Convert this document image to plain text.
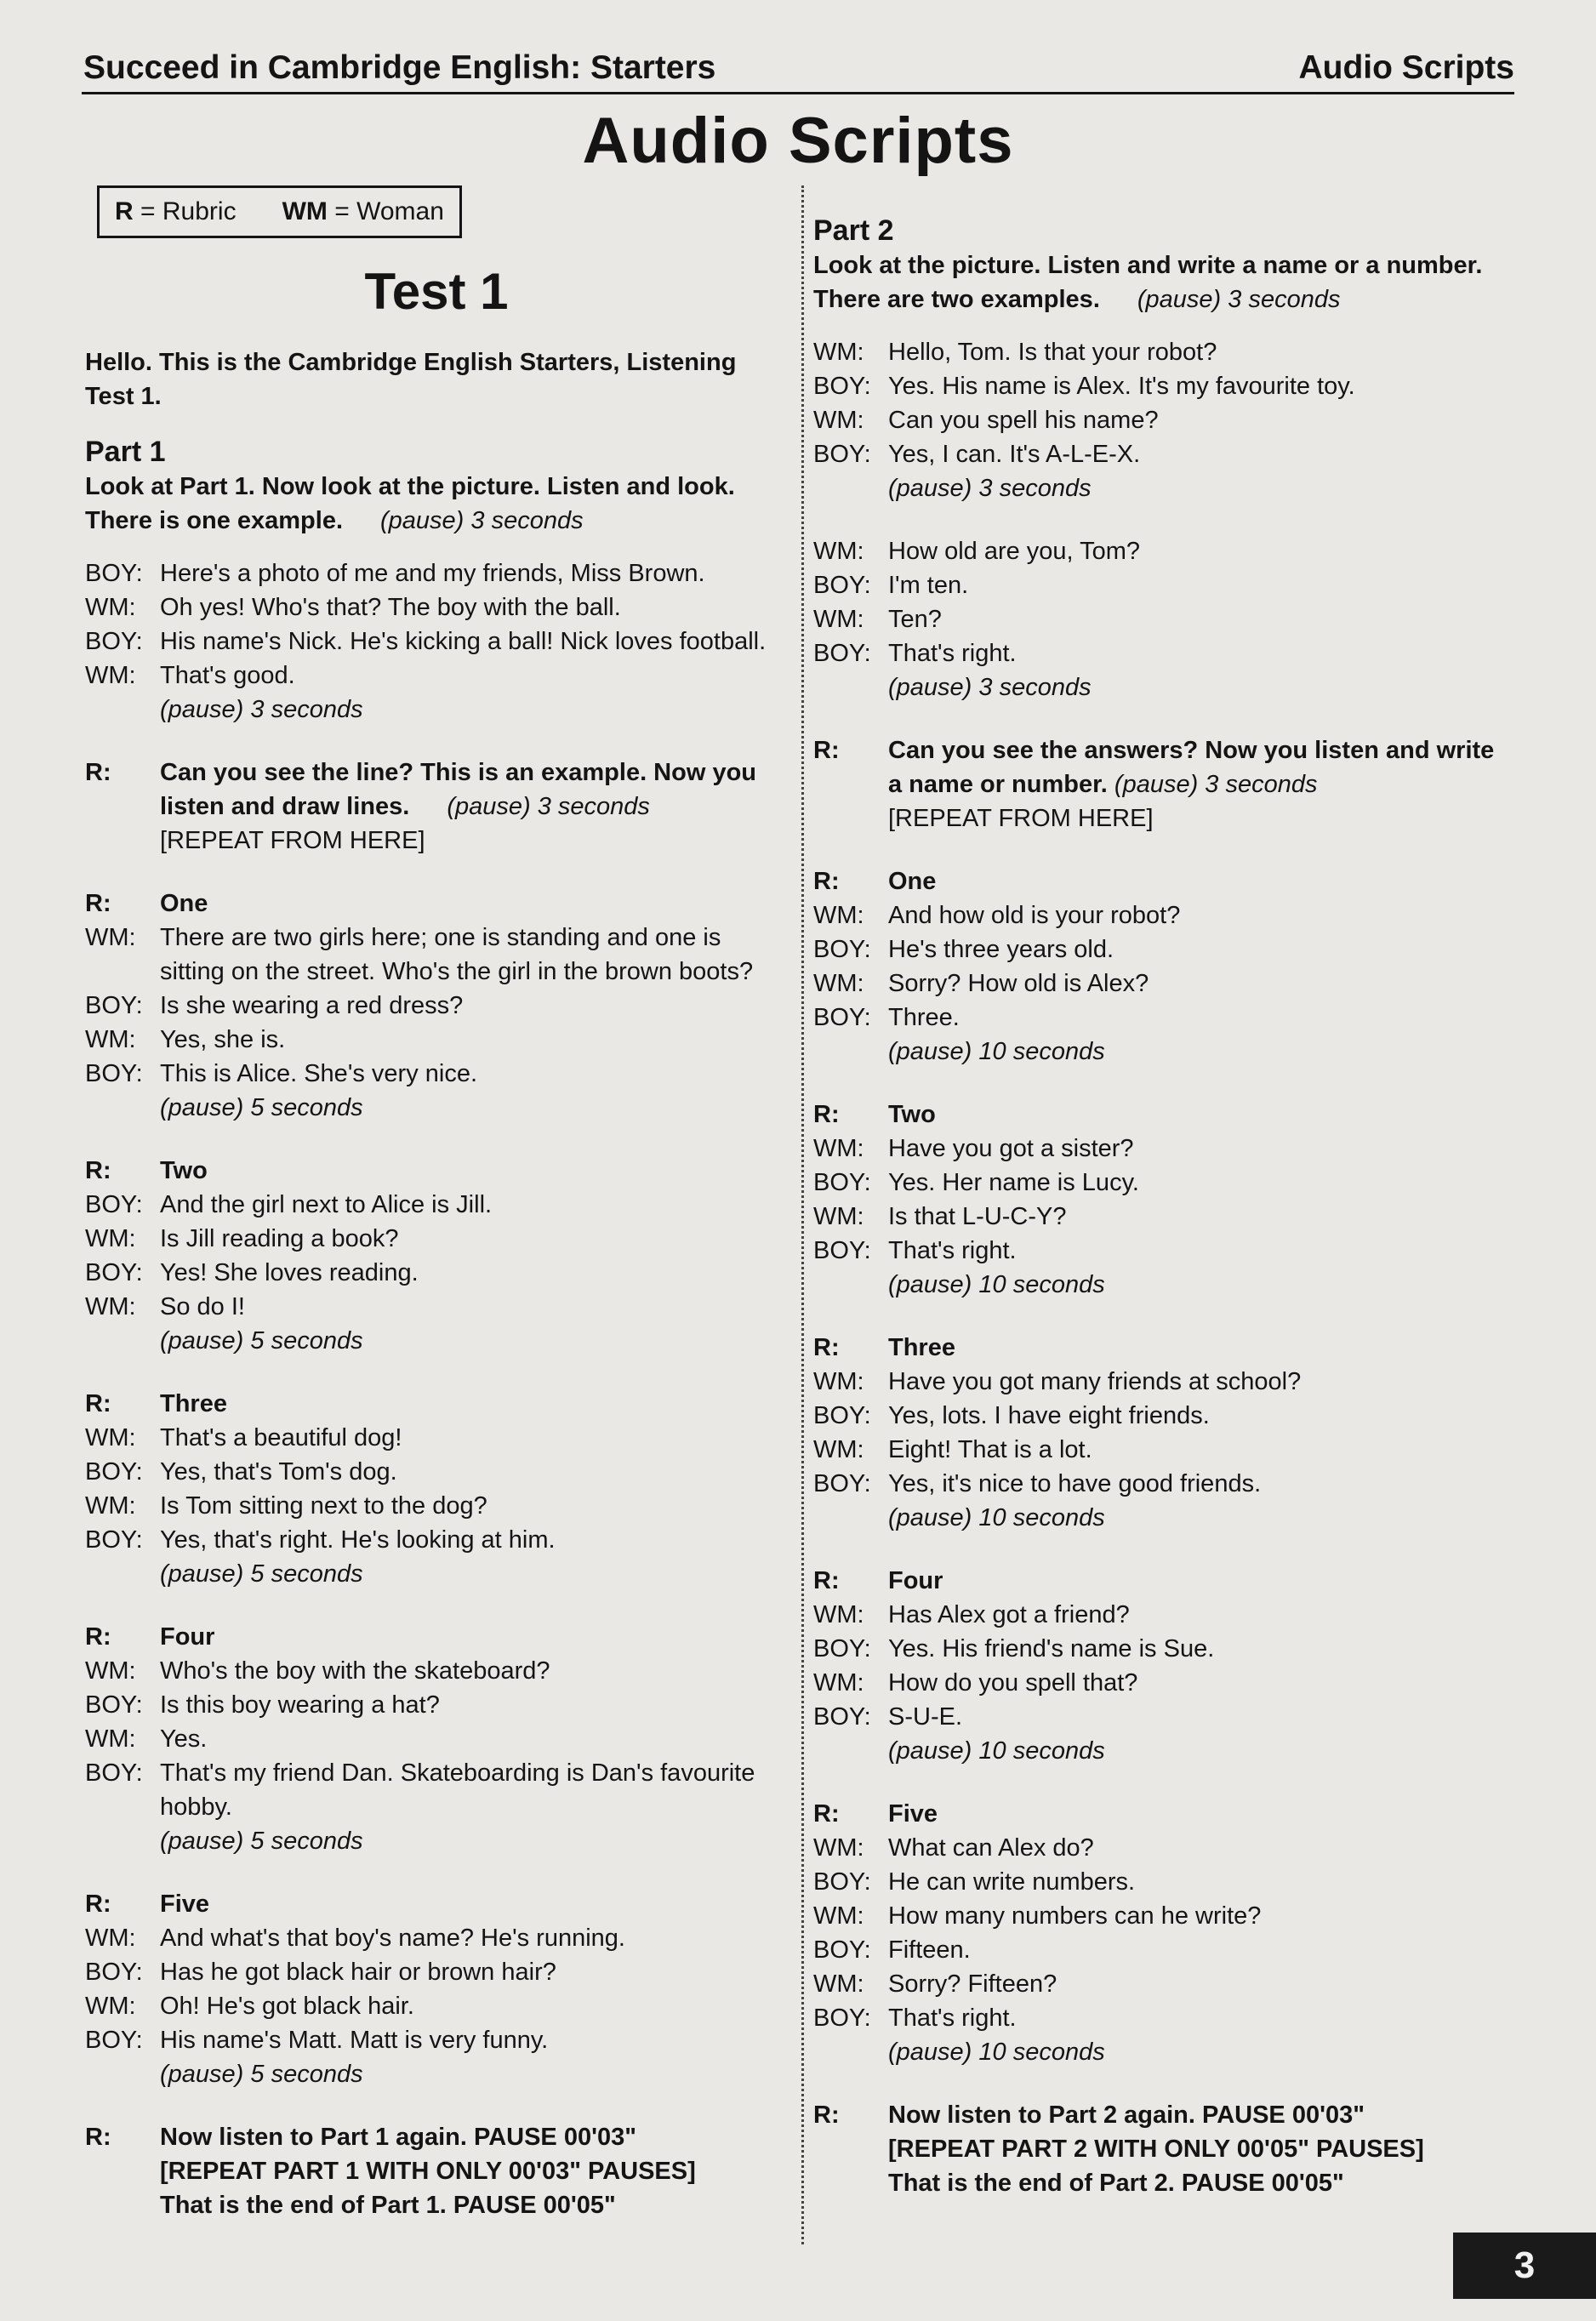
Succeed in Cambridge English: Starters	Audio Scripts
Audio Scripts
R = Rubric WM = Woman
Test 1
Hello. This is the Cambridge English Starters, Listening Test 1.
Part 1
Look at Part 1. Now look at the picture. Listen and look. There is one example. (pause) 3 seconds
BOY: Here's a photo of me and my friends, Miss Brown.
WM: Oh yes! Who's that? The boy with the ball.
BOY: His name's Nick. He's kicking a ball! Nick loves football.
WM: That's good.
(pause) 3 seconds
R:	Can you see the line? This is an example. Now you listen and draw lines. (pause) 3 seconds
[REPEAT FROM HERE]
R:	One
WM: There are two girls here; one is standing and one is sitting on the street. Who's the girl in the brown boots?
BOY: Is she wearing a red dress?
WM: Yes, she is.
BOY: This is Alice. She's very nice.
(pause) 5 seconds
R:	Two
BOY: And the girl next to Alice is Jill.
WM: Is Jill reading a book?
BOY: Yes! She loves reading.
WM: So do I!
(pause) 5 seconds
R:	Three
WM: That's a beautiful dog!
BOY: Yes, that's Tom's dog.
WM: Is Tom sitting next to the dog?
BOY: Yes, that's right. He's looking at him.
(pause) 5 seconds
R:	Four
WM: Who's the boy with the skateboard?
BOY: Is this boy wearing a hat?
WM: Yes.
BOY: That's my friend Dan. Skateboarding is Dan's favourite hobby.
(pause) 5 seconds
R:	Five
WM: And what's that boy's name? He's running.
BOY: Has he got black hair or brown hair?
WM: Oh! He's got black hair.
BOY: His name's Matt. Matt is very funny.
(pause) 5 seconds
R:	Now listen to Part 1 again. PAUSE 00'03"
[REPEAT PART 1 WITH ONLY 00'03" PAUSES]
That is the end of Part 1. PAUSE 00'05"
Part 2
Look at the picture. Listen and write a name or a number. There are two examples. (pause) 3 seconds
WM: Hello, Tom. Is that your robot?
BOY: Yes. His name is Alex. It's my favourite toy.
WM: Can you spell his name?
BOY: Yes, I can. It's A-L-E-X.
(pause) 3 seconds
WM: How old are you, Tom?
BOY: I'm ten.
WM: Ten?
BOY: That's right.
(pause) 3 seconds
R:	Can you see the answers? Now you listen and write a name or number. (pause) 3 seconds
[REPEAT FROM HERE]
R:	One
WM: And how old is your robot?
BOY: He's three years old.
WM: Sorry? How old is Alex?
BOY: Three.
(pause) 10 seconds
R:	Two
WM: Have you got a sister?
BOY: Yes. Her name is Lucy.
WM: Is that L-U-C-Y?
BOY: That's right.
(pause) 10 seconds
R:	Three
WM: Have you got many friends at school?
BOY: Yes, lots. I have eight friends.
WM: Eight! That is a lot.
BOY: Yes, it's nice to have good friends.
(pause) 10 seconds
R:	Four
WM: Has Alex got a friend?
BOY: Yes. His friend's name is Sue.
WM: How do you spell that?
BOY: S-U-E.
(pause) 10 seconds
R:	Five
WM: What can Alex do?
BOY: He can write numbers.
WM: How many numbers can he write?
BOY: Fifteen.
WM: Sorry? Fifteen?
BOY: That's right.
(pause) 10 seconds
R:	Now listen to Part 2 again. PAUSE 00'03"
[REPEAT PART 2 WITH ONLY 00'05" PAUSES]
That is the end of Part 2. PAUSE 00'05"
3
